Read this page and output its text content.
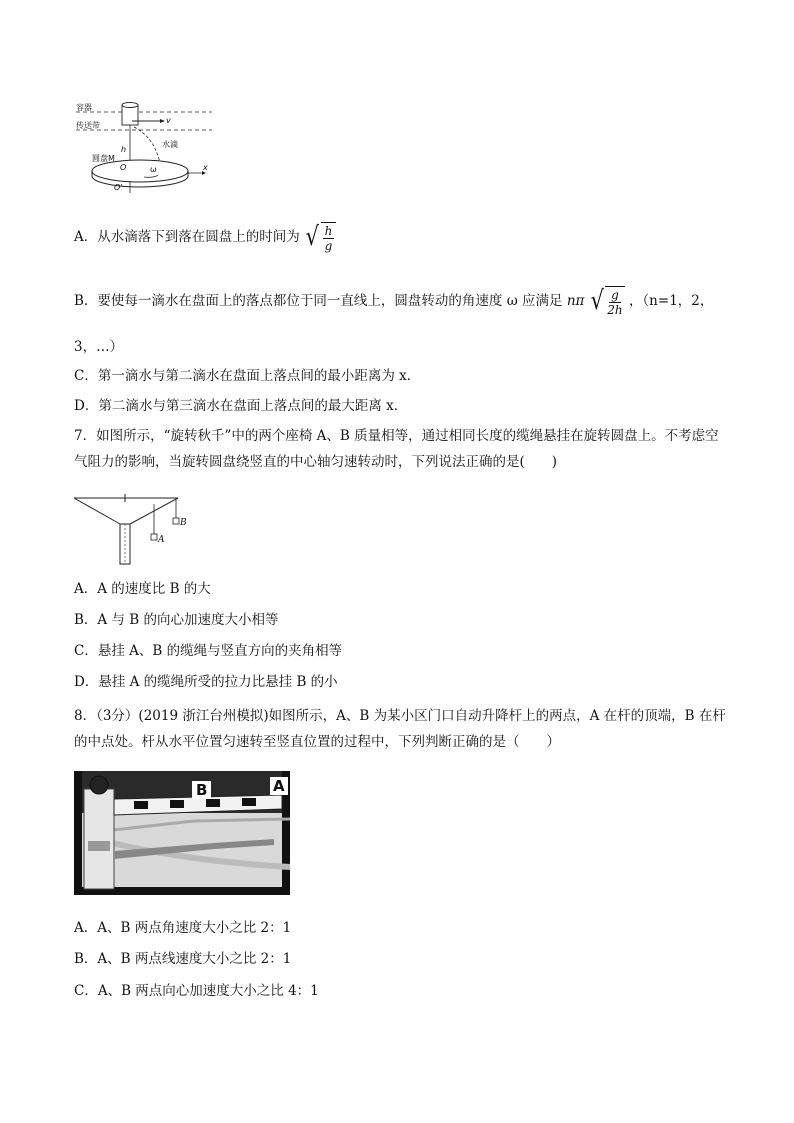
容器
传送带
v
圆盘M
h
水滴
O	ω	x
O'
A．从水滴落下到落在圆盘上的时间为 √ $\frac{h}{g}$
B．要使每一滴水在盘面上的落点都位于同一直线上，圆盘转动的角速度 ω 应满足 nπ √ $\frac{g}{2h}$ ，（n=1，2，
3，…）
C．第一滴水与第二滴水在盘面上落点间的最小距离为 x．
D．第二滴水与第三滴水在盘面上落点间的最大距离 x．
7．如图所示，“旋转秋千”中的两个座椅 A、B 质量相等，通过相同长度的缆绳悬挂在旋转圆盘上。不考虑空气阻力的影响，当旋转圆盘绕竖直的中心轴匀速转动时，下列说法正确的是(　　)
A
B
A．A 的速度比 B 的大
B．A 与 B 的向心加速度大小相等
C．悬挂 A、B 的缆绳与竖直方向的夹角相等
D．悬挂 A 的缆绳所受的拉力比悬挂 B 的小
8．（3分）(2019 浙江台州模拟)如图所示，A、B 为某小区门口自动升降杆上的两点，A 在杆的顶端，B 在杆的中点处。杆从水平位置匀速转至竖直位置的过程中，下列判断正确的是（　　）
B	A
A．A、B 两点角速度大小之比 2：1
B．A、B 两点线速度大小之比 2：1
C．A、B 两点向心加速度大小之比 4：1
